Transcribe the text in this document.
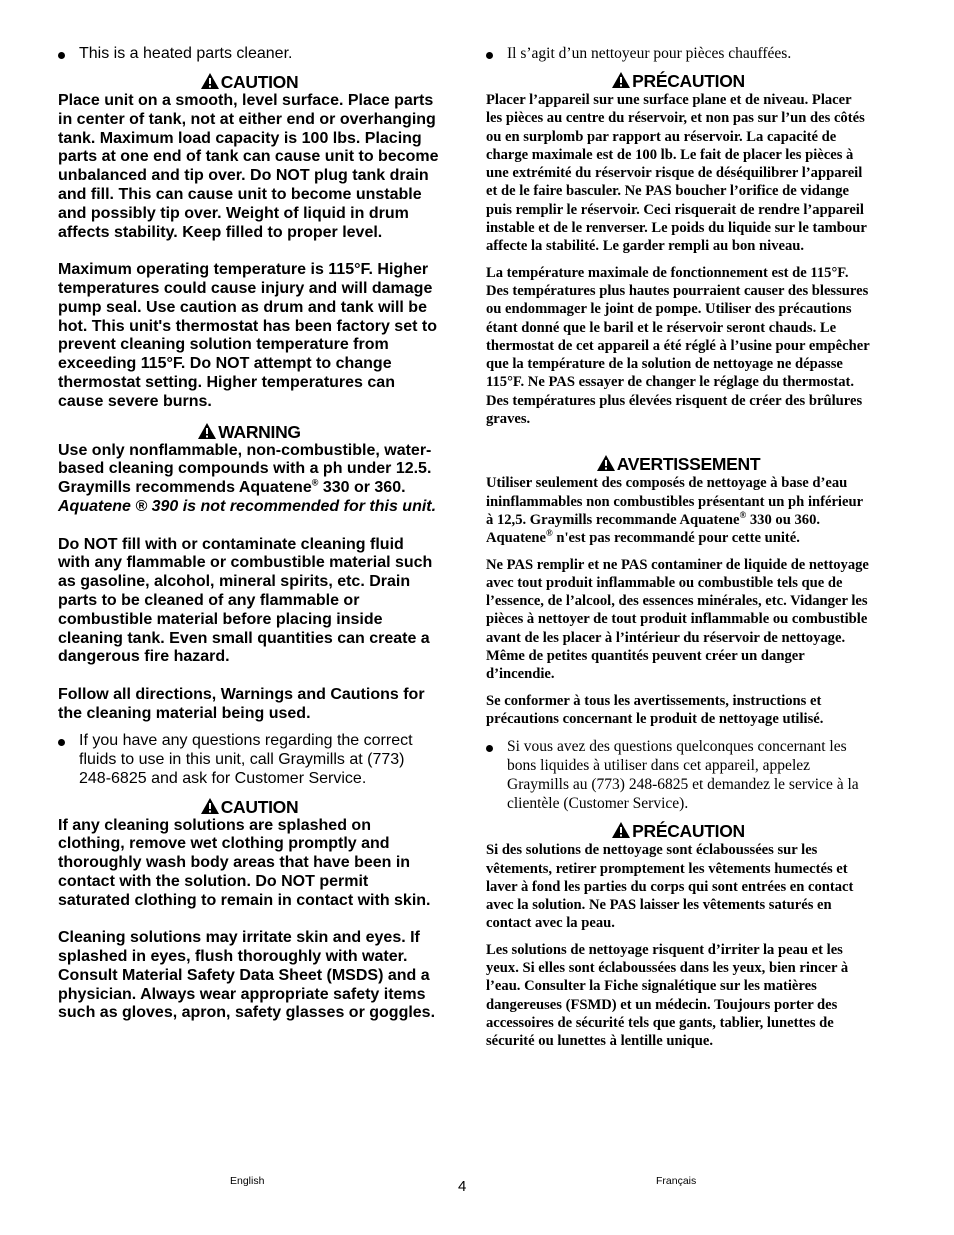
This is a heated parts cleaner.
CAUTION
Place unit on a smooth, level surface. Place parts in center of tank, not at either end or overhanging tank. Maximum load capacity is 100 lbs. Placing parts at one end of tank can cause unit to become unbalanced and tip over. Do NOT plug tank drain and fill. This can cause unit to become unstable and possibly tip over. Weight of liquid in drum affects stability. Keep filled to proper level.
Maximum operating temperature is 115°F. Higher temperatures could cause injury and will damage pump seal. Use caution as drum and tank will be hot. This unit's thermostat has been factory set to prevent cleaning solution temperature from exceeding 115°F. Do NOT attempt to change thermostat setting. Higher temperatures can cause severe burns.
WARNING
Use only nonflammable, non-combustible, water-based cleaning compounds with a ph under 12.5. Graymills recommends Aquatene® 330 or 360. Aquatene ® 390 is not recommended for this unit.
Do NOT fill with or contaminate cleaning fluid with any flammable or combustible material such as gasoline, alcohol, mineral spirits, etc. Drain parts to be cleaned of any flammable or combustible material before placing inside cleaning tank. Even small quantities can create a dangerous fire hazard.
Follow all directions, Warnings and Cautions for the cleaning material being used.
If you have any questions regarding the correct fluids to use in this unit, call Graymills at (773) 248-6825 and ask for Customer Service.
CAUTION
If any cleaning solutions are splashed on clothing, remove wet clothing promptly and thoroughly wash body areas that have been in contact with the solution. Do NOT permit saturated clothing to remain in contact with skin.
Cleaning solutions may irritate skin and eyes. If splashed in eyes, flush thoroughly with water. Consult Material Safety Data Sheet (MSDS) and a physician. Always wear appropriate safety items such as gloves, apron, safety glasses or goggles.
Il s’agit d’un nettoyeur pour pièces chauffées.
PRÉCAUTION
Placer l’appareil sur une surface plane et de niveau. Placer les pièces au centre du réservoir, et non pas sur l’un des côtés ou en surplomb par rapport au réservoir. La capacité de charge maximale est de 100 lb. Le fait de placer les pièces à une extrémité du réservoir risque de déséquilibrer l’appareil et de le faire basculer. Ne PAS boucher l’orifice de vidange puis remplir le réservoir. Ceci risquerait de rendre l’appareil instable et de le renverser. Le poids du liquide sur le tambour affecte la stabilité. Le garder rempli au bon niveau.
La température maximale de fonctionnement est de 115°F. Des températures plus hautes pourraient causer des blessures ou endommager le joint de pompe. Utiliser des précautions étant donné que le baril et le réservoir seront chauds. Le thermostat de cet appareil a été réglé à l’usine pour empêcher que la température de la solution de nettoyage ne dépasse 115°F. Ne PAS essayer de changer le réglage du thermostat. Des températures plus élevées risquent de créer des brûlures graves.
AVERTISSEMENT
Utiliser seulement des composés de nettoyage à base d’eau ininflammables non combustibles présentant un ph inférieur à 12,5. Graymills recommande Aquatene® 330 ou 360. Aquatene® n'est pas recommandé pour cette unité.
Ne PAS remplir et ne PAS contaminer de liquide de nettoyage avec tout produit inflammable ou combustible tels que de l’essence, de l’alcool, des essences minérales, etc. Vidanger les pièces à nettoyer de tout produit inflammable ou combustible avant de les placer à l’intérieur du réservoir de nettoyage. Même de petites quantités peuvent créer un danger d’incendie.
Se conformer à tous les avertissements, instructions et précautions concernant le produit de nettoyage utilisé.
Si vous avez des questions quelconques concernant les bons liquides à utiliser dans cet appareil, appelez Graymills au (773) 248-6825 et demandez le service à la clientèle (Customer Service).
PRÉCAUTION
Si des solutions de nettoyage sont éclaboussées sur les vêtements, retirer promptement les vêtements humectés et laver à fond les parties du corps qui sont entrées en contact avec la solution. Ne PAS laisser les vêtements saturés en contact avec la peau.
Les solutions de nettoyage risquent d’irriter la peau et les yeux. Si elles sont éclaboussées dans les yeux, bien rincer à l’eau. Consulter la Fiche signalétique sur les matières dangereuses (FSMD) et un médecin. Toujours porter des accessoires de sécurité tels que gants, tablier, lunettes de sécurité ou lunettes à lentille unique.
English	4	Français
